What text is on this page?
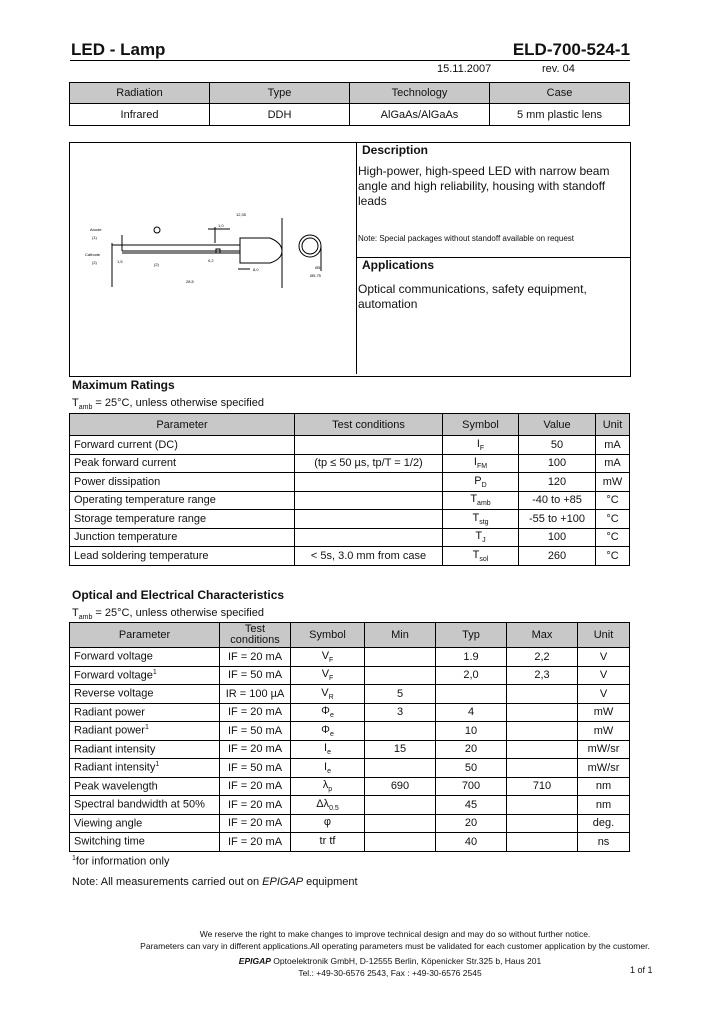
LED - Lamp	ELD-700-524-1
15.11.2007	rev. 04
Radiation	Type	Technology	Case
Infrared	DDH	AlGaAs/AlGaAs	5 mm plastic lens
Anode
(1)
Cathode
(2)	1,5
(2)
12,35
1,0
0,2
8,0
28,5
Ø5
Ø5,75
Description
High-power, high-speed LED with narrow beam angle and high reliability, housing with standoff leads
Note: Special packages without standoff available on request
Applications
Optical communications, safety equipment, automation
Maximum Ratings
$T_{amb} = 25^\circ C$, unless otherwise specified
Parameter	Test conditions	Symbol	Value	Unit
Forward current (DC)		$I_F$	50	mA
Peak forward current	(tp ≤ 50 µs, tp/T = 1/2)	$I_{FM}$	100	mA
Power dissipation		$P_D$	120	mW
Operating temperature range		$T_{amb}$	-40 to +85	°C
Storage temperature range		$T_{stg}$	-55 to +100	°C
Junction temperature		$T_J$	100	°C
Lead soldering temperature	< 5s, 3.0 mm from case	$T_{sol}$	260	°C
Optical and Electrical Characteristics
$T_{amb} = 25^\circ C$, unless otherwise specified
Parameter	Test conditions	Symbol	Min	Typ	Max	Unit
Forward voltage	IF = 20 mA	$V_F$		1.9	2,2	V
Forward voltage$^1$	IF = 50 mA	$V_F$		2,0	2,3	V
Reverse voltage	IR = 100 µA	$V_R$	5			V
Radiant power	IF = 20 mA	$\Phi_e$	3	4		mW
Radiant power$^1$	IF = 50 mA	$\Phi_e$		10		mW
Radiant intensity	IF = 20 mA	$I_e$	15	20		mW/sr
Radiant intensity$^1$	IF = 50 mA	$I_e$		50		mW/sr
Peak wavelength	IF = 20 mA	$\lambda_p$	690	700	710	nm
Spectral bandwidth at 50%	IF = 20 mA	$\Delta\lambda_{0.5}$		45		nm
Viewing angle	IF = 20 mA	φ		20		deg.
Switching time	IF = 20 mA	tr tf		40		ns
$^1$for information only
Note: All measurements carried out on EPIGAP equipment
We reserve the right to make changes to improve technical design and may do so without further notice.
Parameters can vary in different applications.All operating parameters must be validated for each customer application by the customer.
EPIGAP Optoelektronik GmbH, D-12555 Berlin, Köpenicker Str.325 b, Haus 201
Tel.: +49-30-6576 2543, Fax : +49-30-6576 2545	1 of 1
